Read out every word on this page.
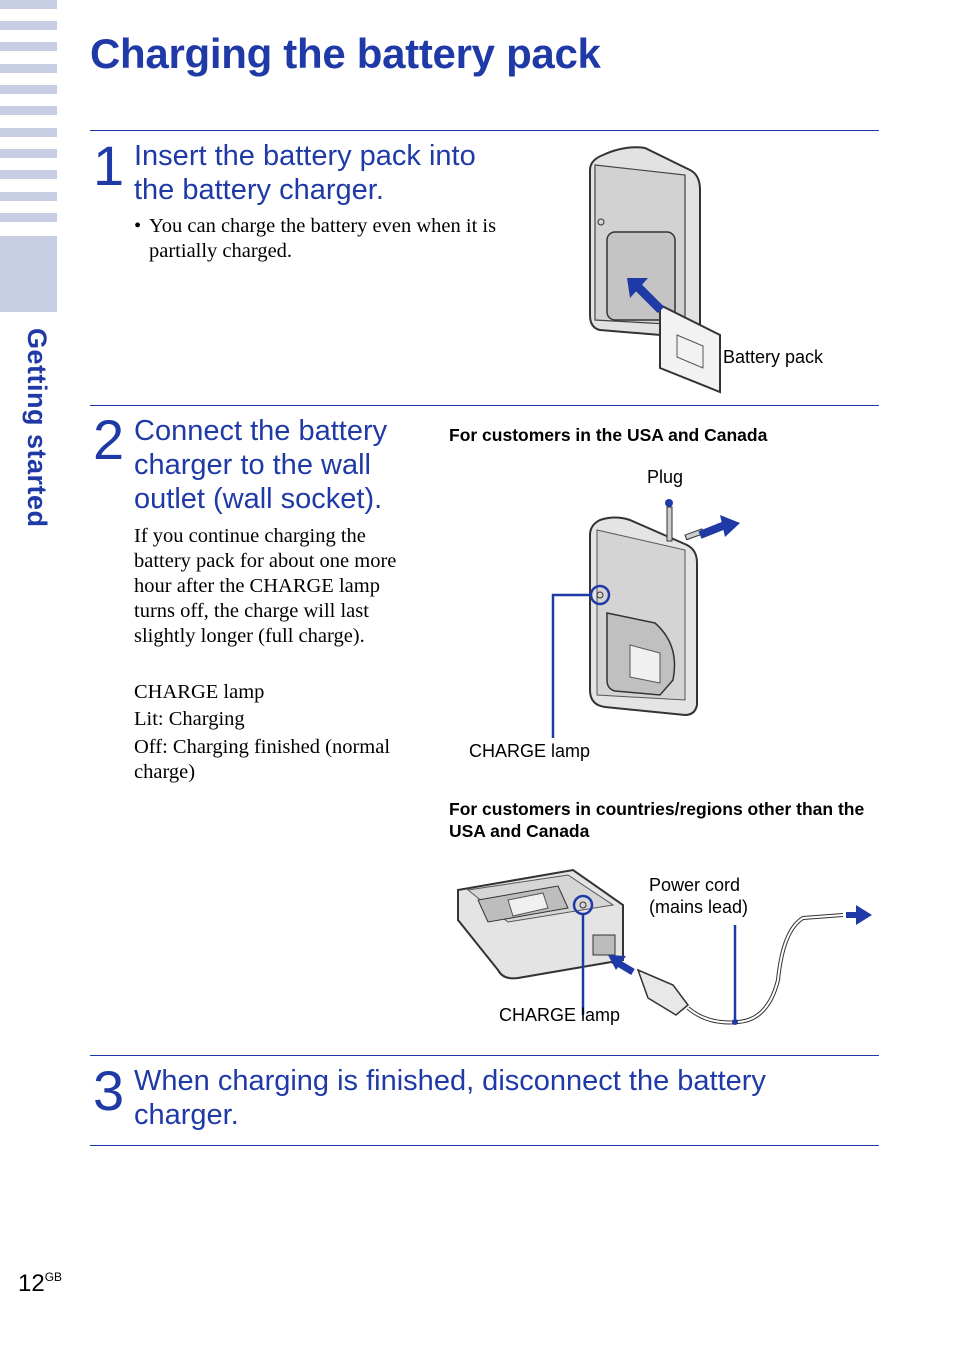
Getting started
Charging the battery pack
1 Insert the battery pack into the battery charger.
• You can charge the battery even when it is partially charged.
Battery pack
2 Connect the battery charger to the wall outlet (wall socket).
If you continue charging the battery pack for about one more hour after the CHARGE lamp turns off, the charge will last slightly longer (full charge).
CHARGE lamp
Lit: Charging
Off: Charging finished (normal charge)
For customers in the USA and Canada
Plug
CHARGE lamp
For customers in countries/regions other than the USA and Canada
Power cord
(mains lead)
CHARGE lamp
3 When charging is finished, disconnect the battery charger.
$12^{GB}$
